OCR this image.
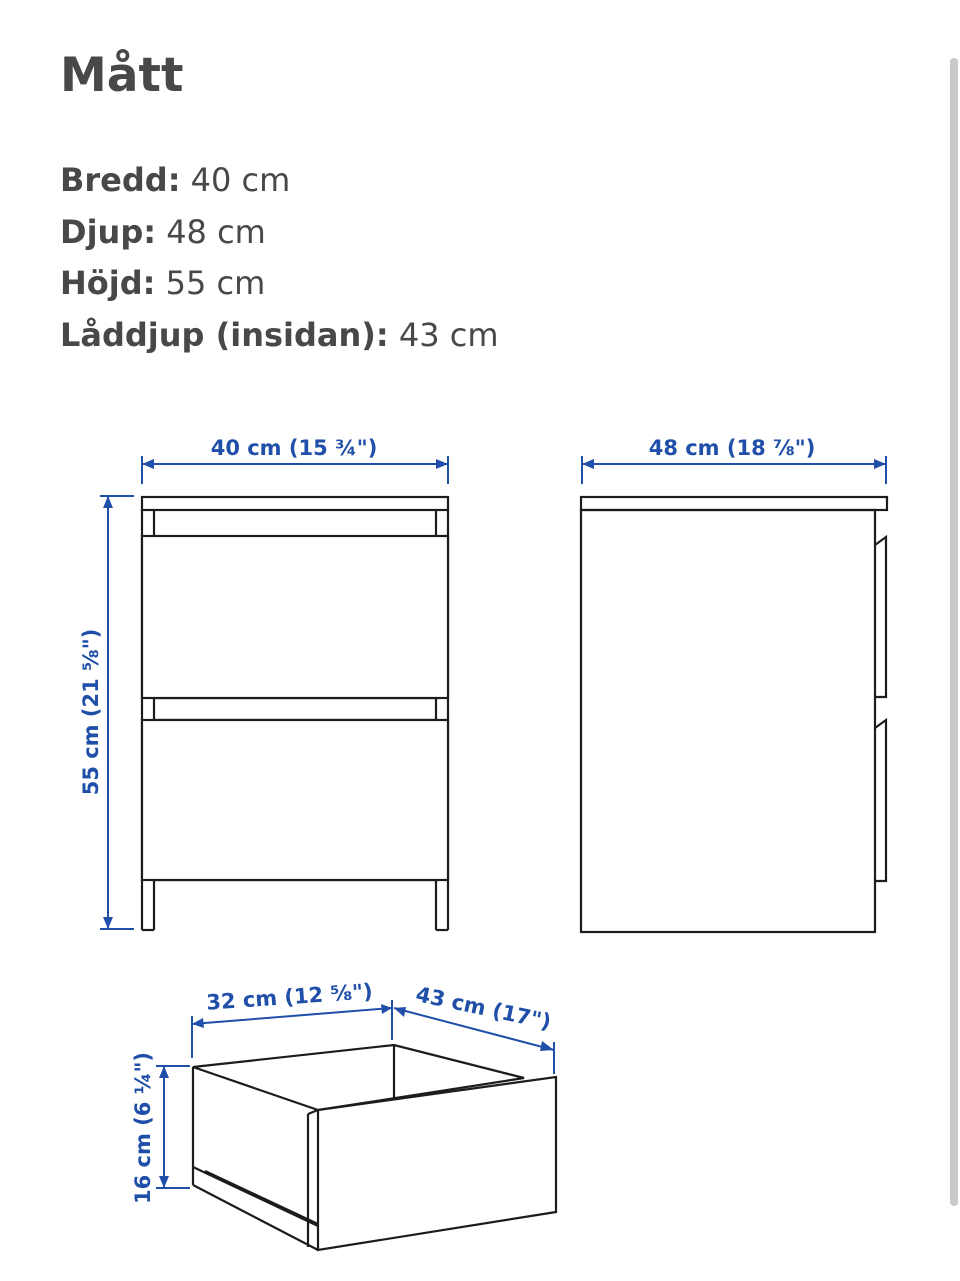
Mått
Bredd: 40 cm
Djup: 48 cm
Höjd: 55 cm
Låddjup (insidan): 43 cm
40 cm (15 ¾")
55 cm (21 ⅝")
48 cm (18 ⅞")
32 cm (12 ⅝") 43 cm (17")
16 cm (6 ¼")
